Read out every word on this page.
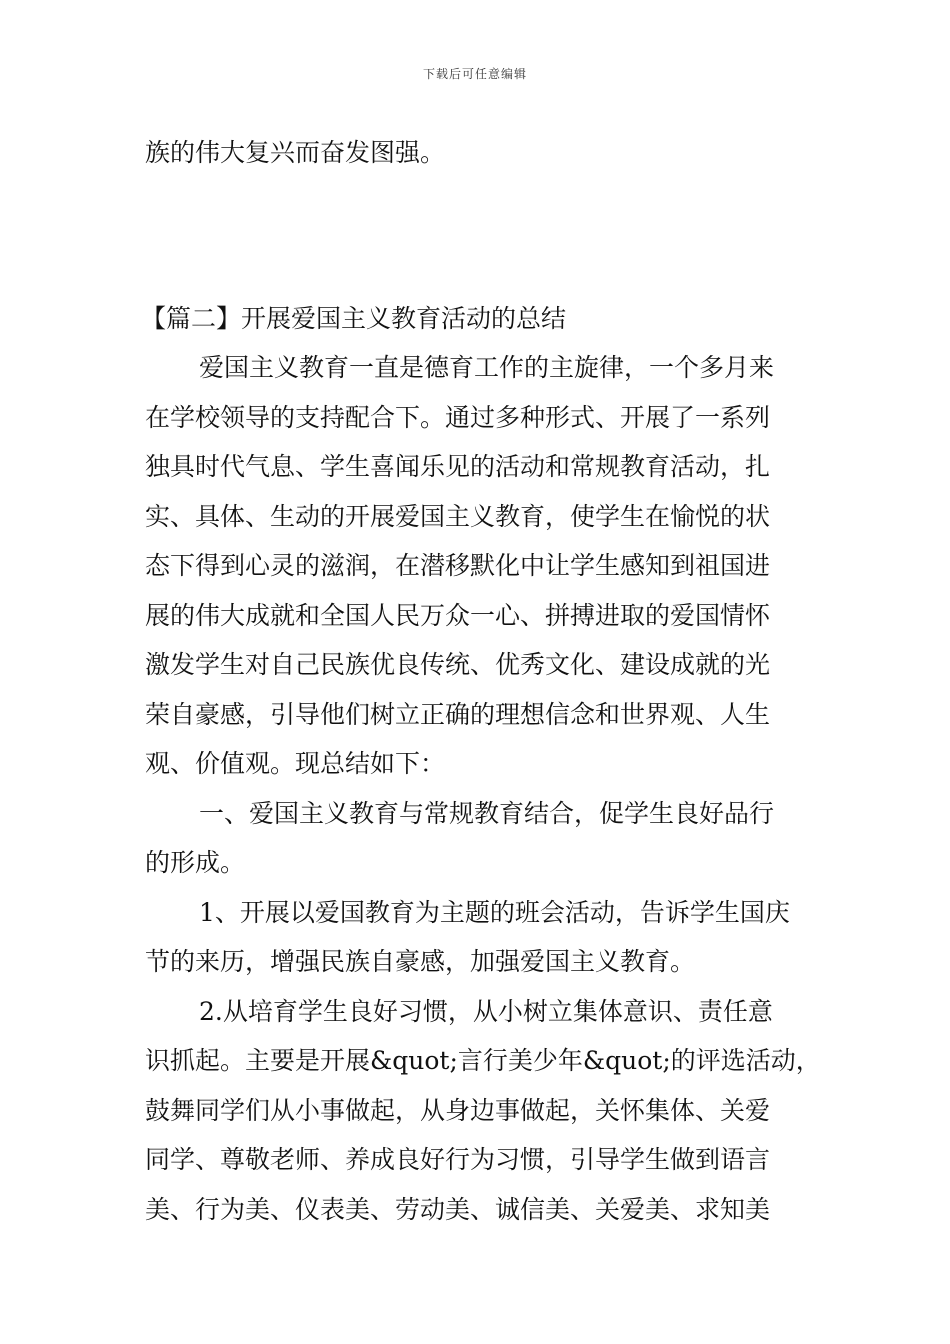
下载后可任意编辑
族的伟大复兴而奋发图强。
【篇二】开展爱国主义教育活动的总结
爱国主义教育一直是德育工作的主旋律，一个多月来
在学校领导的支持配合下。通过多种形式、开展了一系列
独具时代气息、学生喜闻乐见的活动和常规教育活动，扎
实、具体、生动的开展爱国主义教育，使学生在愉悦的状
态下得到心灵的滋润，在潜移默化中让学生感知到祖国进
展的伟大成就和全国人民万众一心、拼搏进取的爱国情怀
激发学生对自己民族优良传统、优秀文化、建设成就的光
荣自豪感，引导他们树立正确的理想信念和世界观、人生
观、价值观。现总结如下：
一、爱国主义教育与常规教育结合，促学生良好品行
的形成。
1、开展以爱国教育为主题的班会活动，告诉学生国庆
节的来历，增强民族自豪感，加强爱国主义教育。
2.从培育学生良好习惯，从小树立集体意识、责任意
识抓起。主要是开展&quot;言行美少年&quot;的评选活动，
鼓舞同学们从小事做起，从身边事做起，关怀集体、关爱
同学、尊敬老师、养成良好行为习惯，引导学生做到语言
美、行为美、仪表美、劳动美、诚信美、关爱美、求知美
